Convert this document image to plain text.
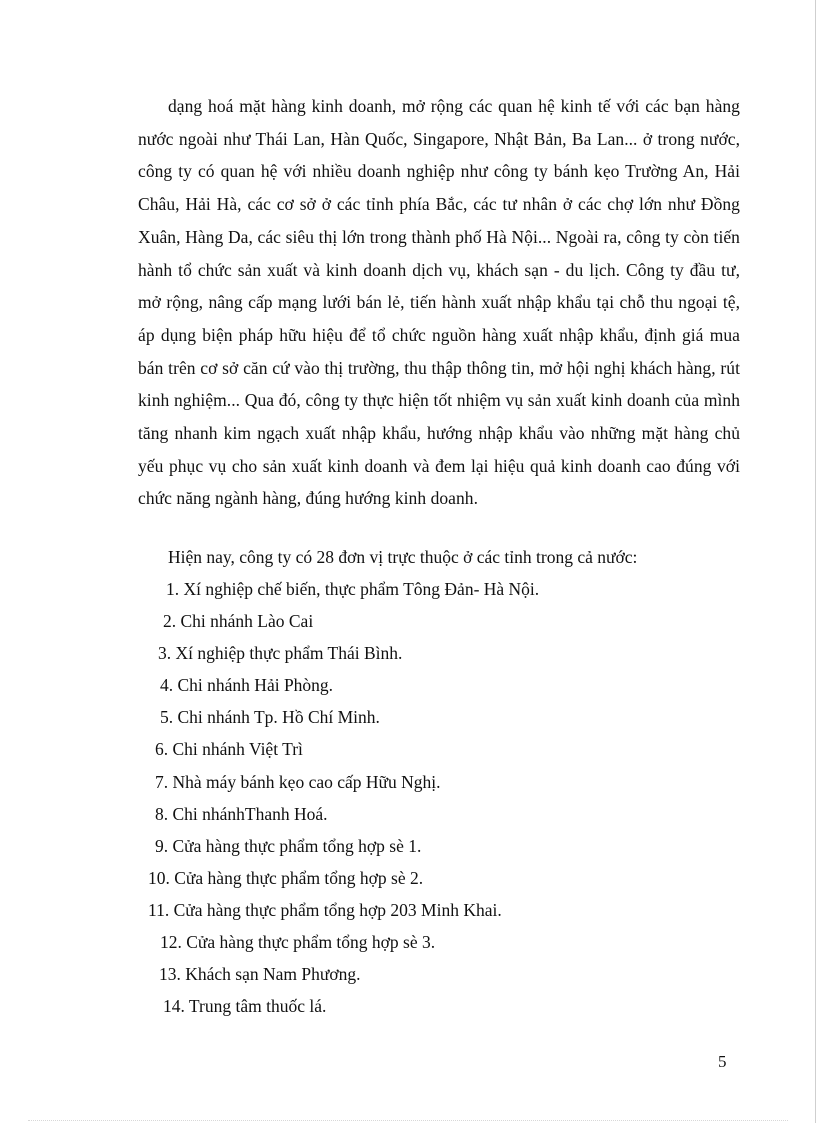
dạng hoá mặt hàng kinh doanh, mở rộng các quan hệ kinh tế với các bạn hàng nước ngoài như Thái Lan, Hàn Quốc, Singapore, Nhật Bản, Ba Lan... ở trong nước, công ty có quan hệ với nhiều doanh nghiệp như công ty bánh kẹo Trường An, Hải Châu, Hải Hà, các cơ sở ở các tỉnh phía Bắc, các tư nhân ở các chợ lớn như Đồng Xuân, Hàng Da, các siêu thị lớn trong thành phố Hà Nội... Ngoài ra, công ty còn tiến hành tổ chức sản xuất và kinh doanh dịch vụ, khách sạn - du lịch. Công ty đầu tư, mở rộng, nâng cấp mạng lưới bán lẻ, tiến hành xuất nhập khẩu tại chỗ thu ngoại tệ, áp dụng biện pháp hữu hiệu để tổ chức nguồn hàng xuất nhập khẩu, định giá mua bán trên cơ sở căn cứ vào thị trường, thu thập thông tin, mở hội nghị khách hàng, rút kinh nghiệm... Qua đó, công ty thực hiện tốt nhiệm vụ sản xuất kinh doanh của mình tăng nhanh kim ngạch xuất nhập khẩu, hướng nhập khẩu vào những mặt hàng chủ yếu phục vụ cho sản xuất kinh doanh và đem lại hiệu quả kinh doanh cao đúng với chức năng ngành hàng, đúng hướng kinh doanh.

Hiện nay, công ty có 28 đơn vị trực thuộc ở các tỉnh trong cả nước:

1. Xí nghiệp chế biến, thực phẩm Tông Đản- Hà Nội.
2. Chi nhánh Lào Cai
3. Xí nghiệp thực phẩm Thái Bình.
4. Chi nhánh Hải Phòng.
5. Chi nhánh Tp. Hồ Chí Minh.
6. Chi nhánh Việt Trì
7. Nhà máy bánh kẹo cao cấp Hữu Nghị.
8. Chi nhánhThanh Hoá.
9. Cửa hàng thực phẩm tổng hợp sè 1.
10. Cửa hàng thực phẩm tổng hợp sè 2.
11. Cửa hàng thực phẩm tổng hợp 203 Minh Khai.
12. Cửa hàng thực phẩm tổng hợp sè 3.
13. Khách sạn Nam Phương.
14. Trung tâm thuốc lá.
5
